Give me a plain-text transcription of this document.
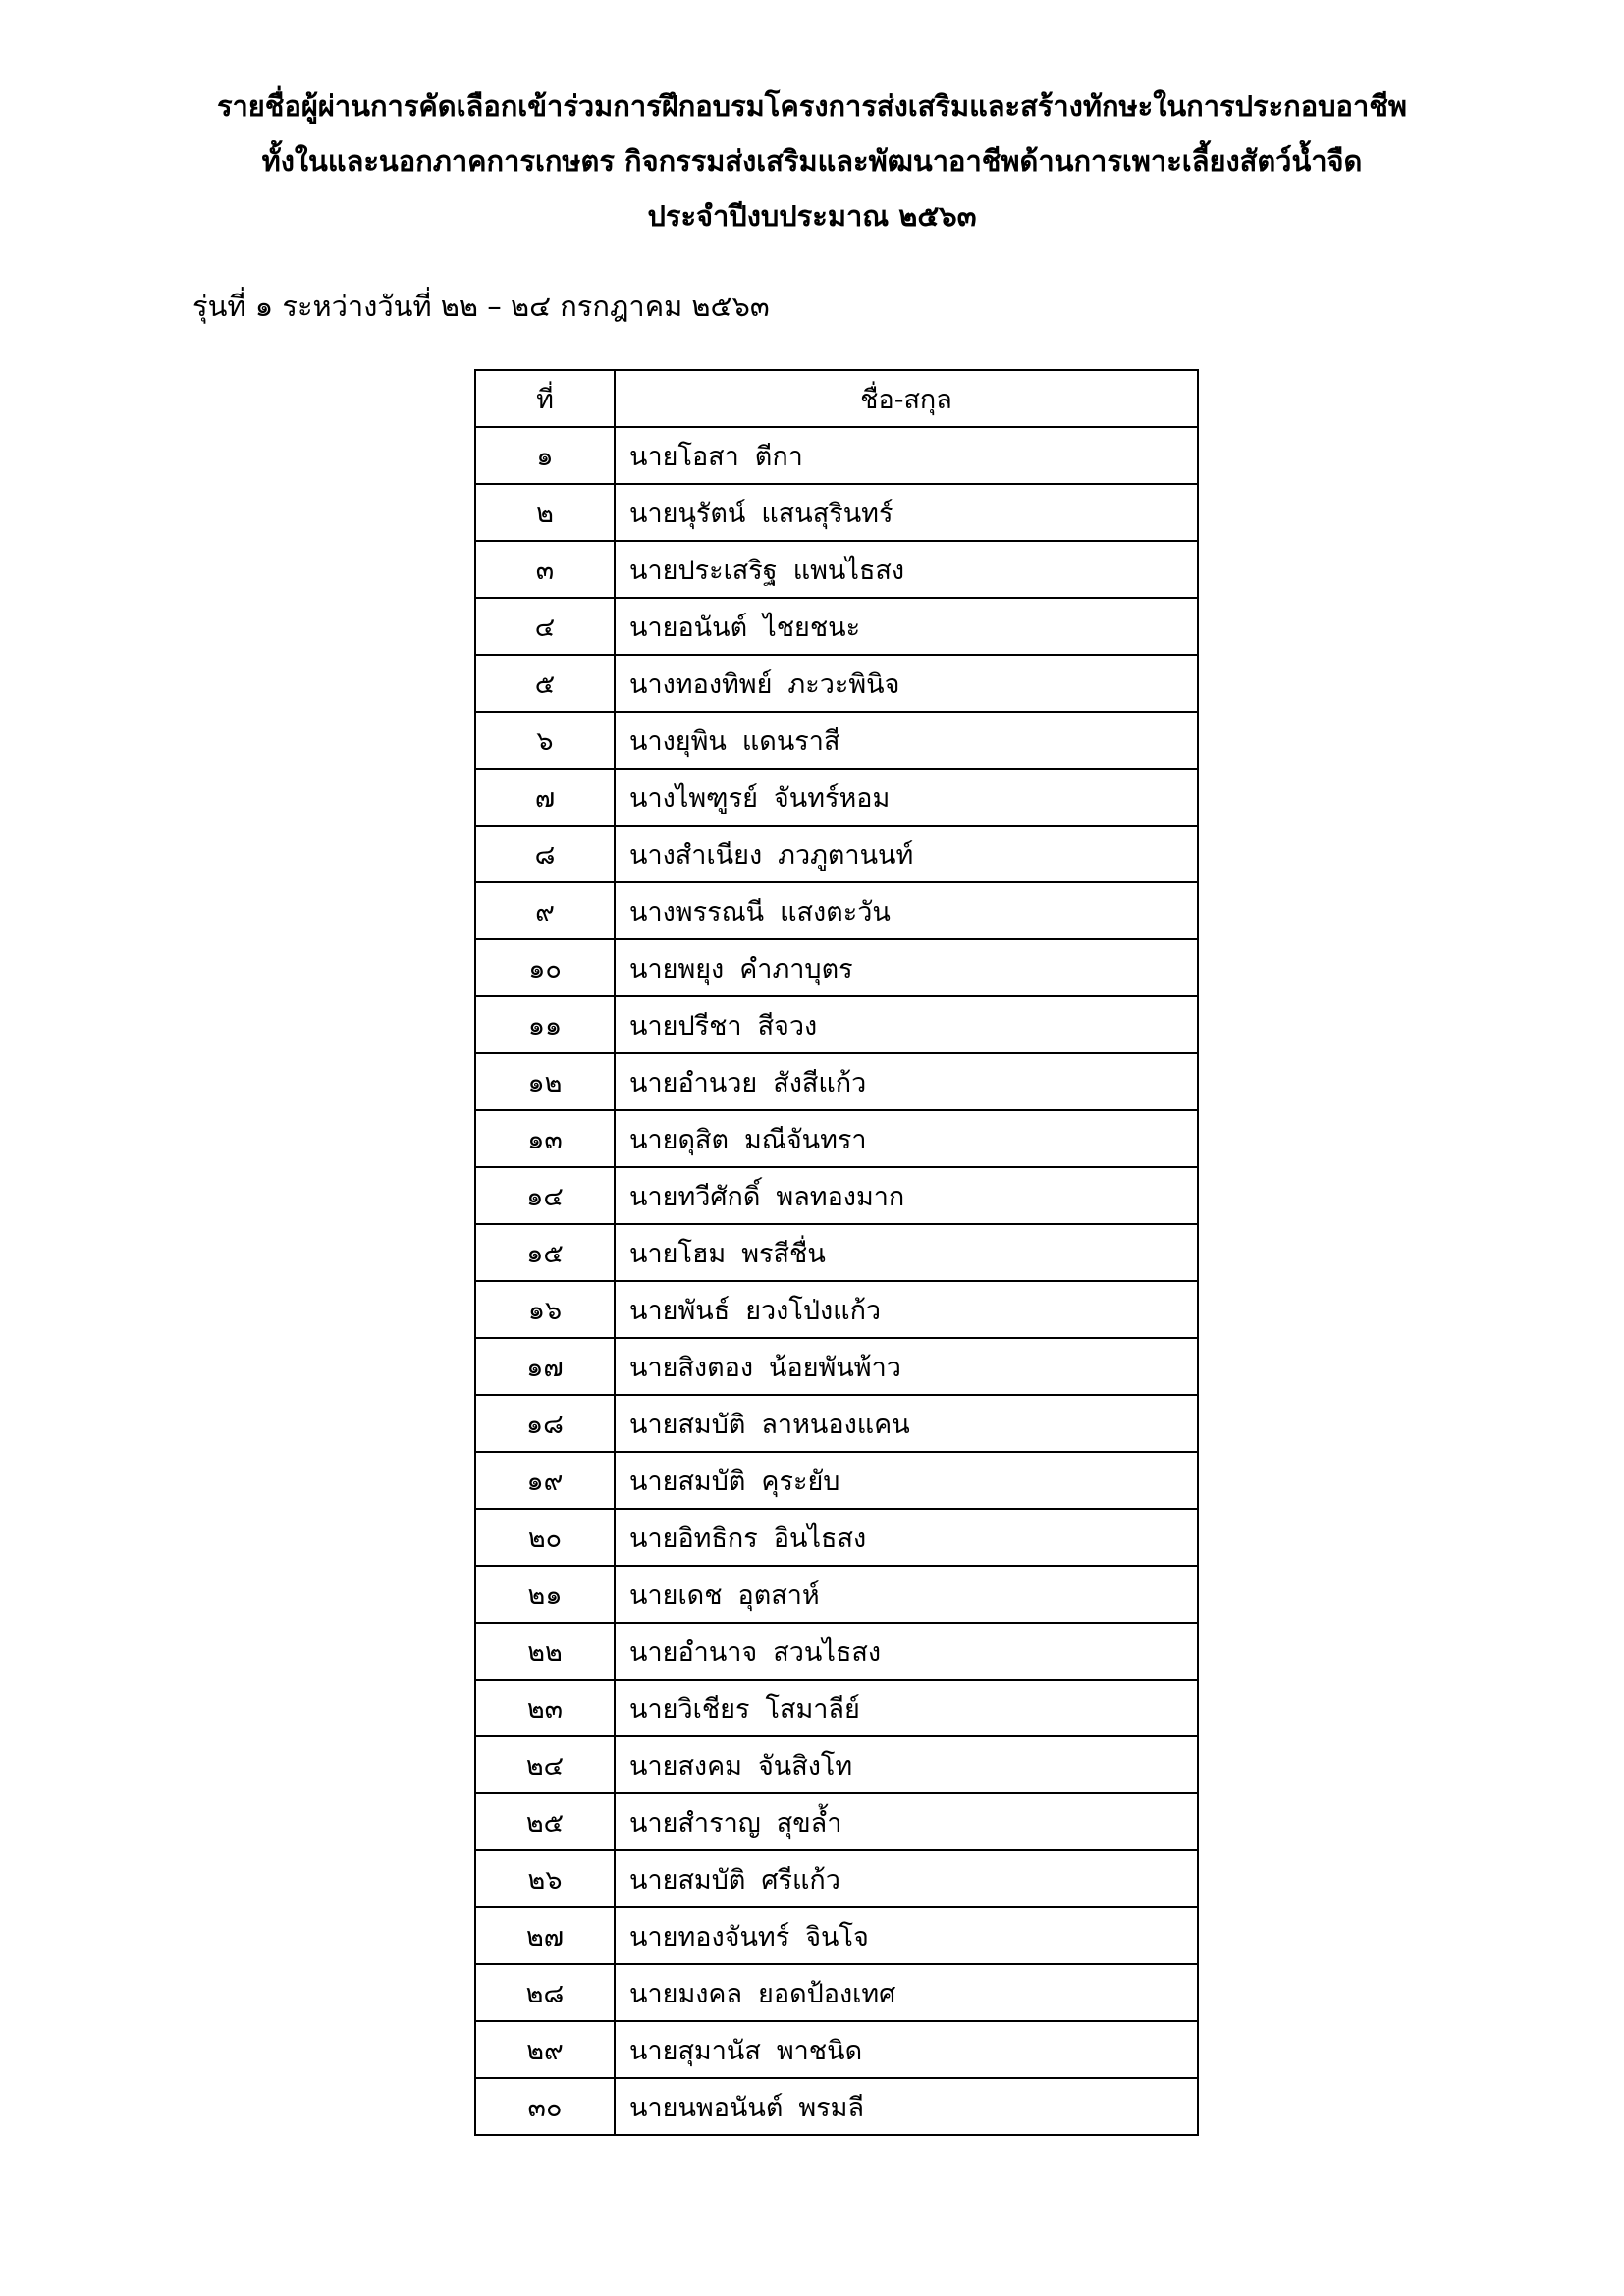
รายชื่อผู้ผ่านการคัดเลือกเข้าร่วมการฝึกอบรมโครงการส่งเสริมและสร้างทักษะในการประกอบอาชีพ
ทั้งในและนอกภาคการเกษตร กิจกรรมส่งเสริมและพัฒนาอาชีพด้านการเพาะเลี้ยงสัตว์น้ำจืด
ประจำปีงบประมาณ ๒๕๖๓
รุ่นที่ ๑ ระหว่างวันที่ ๒๒ – ๒๔ กรกฎาคม ๒๕๖๓
ที่	ชื่อ-สกุล
๑	นายโอสา ตีกา
๒	นายนุรัตน์ แสนสุรินทร์
๓	นายประเสริฐ แพนไธสง
๔	นายอนันต์ ไชยชนะ
๕	นางทองทิพย์ ภะวะพินิจ
๖	นางยุพิน แดนราสี
๗	นางไพฑูรย์ จันทร์หอม
๘	นางสำเนียง ภวภูตานนท์
๙	นางพรรณนี แสงตะวัน
๑๐	นายพยุง คำภาบุตร
๑๑	นายปรีชา สีจวง
๑๒	นายอำนวย สังสีแก้ว
๑๓	นายดุสิต มณีจันทรา
๑๔	นายทวีศักดิ์ พลทองมาก
๑๕	นายโฮม พรสีชื่น
๑๖	นายพันธ์ ยวงโป่งแก้ว
๑๗	นายสิงตอง น้อยพันพ้าว
๑๘	นายสมบัติ ลาหนองแคน
๑๙	นายสมบัติ คุระยับ
๒๐	นายอิทธิกร อินไธสง
๒๑	นายเดช อุตสาห์
๒๒	นายอำนาจ สวนไธสง
๒๓	นายวิเชียร โสมาลีย์
๒๔	นายสงคม จันสิงโท
๒๕	นายสำราญ สุขล้ำ
๒๖	นายสมบัติ ศรีแก้ว
๒๗	นายทองจันทร์ จินโจ
๒๘	นายมงคล ยอดป้องเทศ
๒๙	นายสุมานัส พาชนิด
๓๐	นายนพอนันต์ พรมลี
